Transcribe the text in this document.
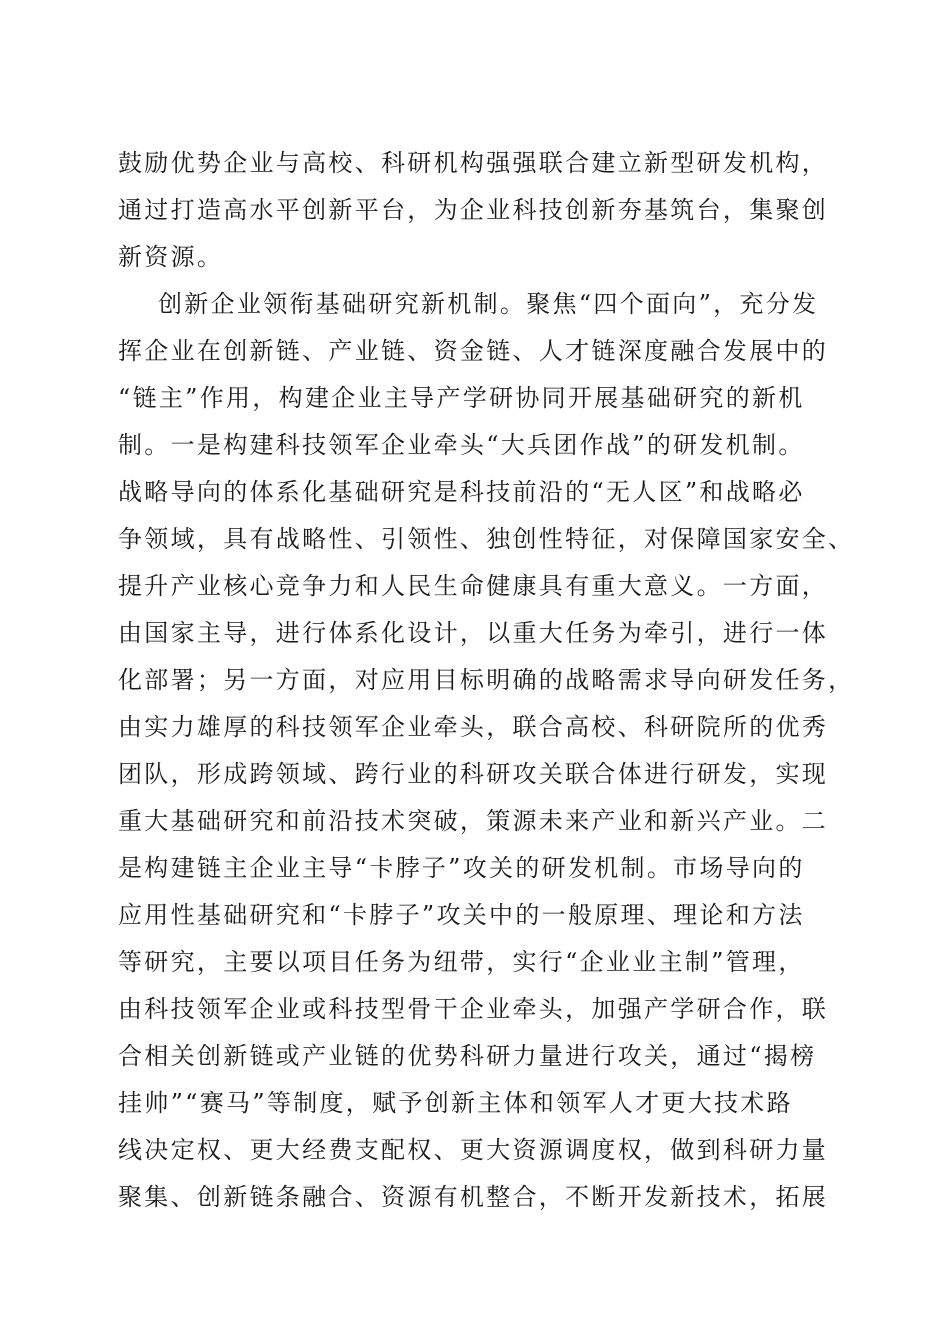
鼓励优势企业与高校、科研机构强强联合建立新型研发机构，
通过打造高水平创新平台，为企业科技创新夯基筑台，集聚创
新资源。
创新企业领衔基础研究新机制。聚焦“四个面向”，充分发
挥企业在创新链、产业链、资金链、人才链深度融合发展中的
“链主”作用，构建企业主导产学研协同开展基础研究的新机
制。一是构建科技领军企业牵头“大兵团作战”的研发机制。
战略导向的体系化基础研究是科技前沿的“无人区”和战略必
争领域，具有战略性、引领性、独创性特征，对保障国家安全、
提升产业核心竞争力和人民生命健康具有重大意义。一方面，
由国家主导，进行体系化设计，以重大任务为牵引，进行一体
化部署；另一方面，对应用目标明确的战略需求导向研发任务，
由实力雄厚的科技领军企业牵头，联合高校、科研院所的优秀
团队，形成跨领域、跨行业的科研攻关联合体进行研发，实现
重大基础研究和前沿技术突破，策源未来产业和新兴产业。二
是构建链主企业主导“卡脖子”攻关的研发机制。市场导向的
应用性基础研究和“卡脖子”攻关中的一般原理、理论和方法
等研究，主要以项目任务为纽带，实行“企业业主制”管理，
由科技领军企业或科技型骨干企业牵头，加强产学研合作，联
合相关创新链或产业链的优势科研力量进行攻关，通过“揭榜
挂帅”“赛马”等制度，赋予创新主体和领军人才更大技术路
线决定权、更大经费支配权、更大资源调度权，做到科研力量
聚集、创新链条融合、资源有机整合，不断开发新技术，拓展
